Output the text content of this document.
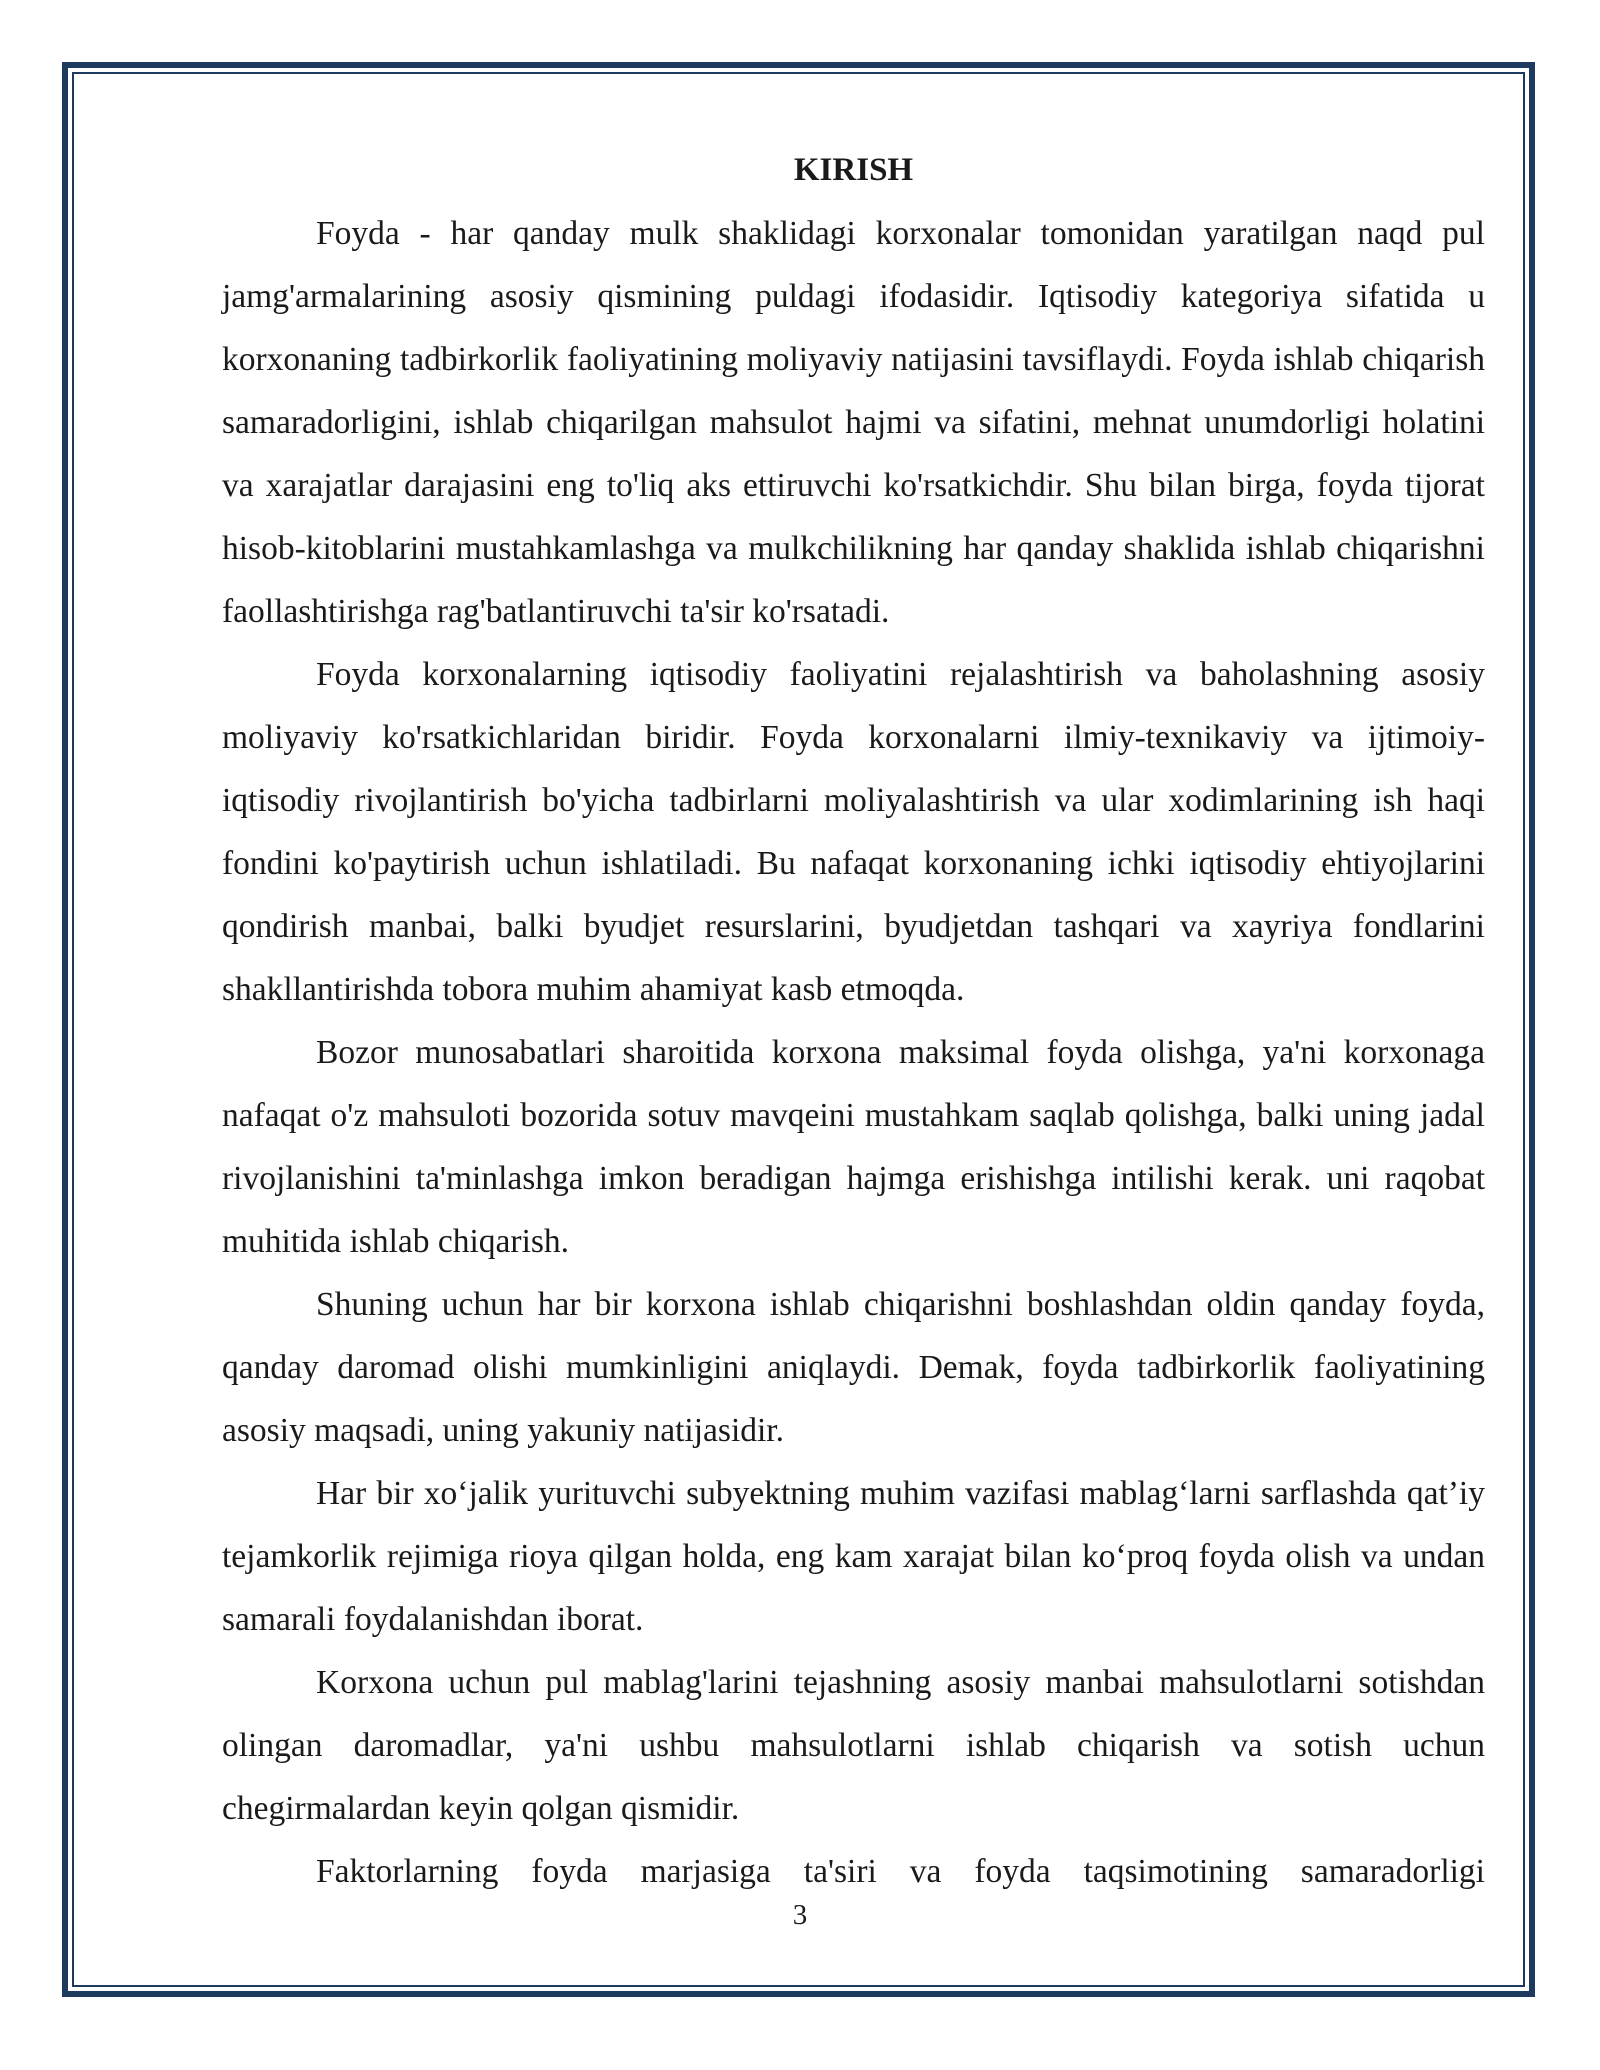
KIRISH

Foyda - har qanday mulk shaklidagi korxonalar tomonidan yaratilgan naqd pul jamg'armalarining asosiy qismining puldagi ifodasidir. Iqtisodiy kategoriya sifatida u korxonaning tadbirkorlik faoliyatining moliyaviy natijasini tavsiflaydi. Foyda ishlab chiqarish samaradorligini, ishlab chiqarilgan mahsulot hajmi va sifatini, mehnat unumdorligi holatini va xarajatlar darajasini eng to'liq aks ettiruvchi ko'rsatkichdir. Shu bilan birga, foyda tijorat hisob-kitoblarini mustahkamlashga va mulkchilikning har qanday shaklida ishlab chiqarishni faollashtirishga rag'batlantiruvchi ta'sir ko'rsatadi.

Foyda korxonalarning iqtisodiy faoliyatini rejalashtirish va baholashning asosiy moliyaviy ko'rsatkichlaridan biridir. Foyda korxonalarni ilmiy-texnikaviy va ijtimoiy-iqtisodiy rivojlantirish bo'yicha tadbirlarni moliyalashtirish va ular xodimlarining ish haqi fondini ko'paytirish uchun ishlatiladi. Bu nafaqat korxonaning ichki iqtisodiy ehtiyojlarini qondirish manbai, balki byudjet resurslarini, byudjetdan tashqari va xayriya fondlarini shakllantirishda tobora muhim ahamiyat kasb etmoqda.

Bozor munosabatlari sharoitida korxona maksimal foyda olishga, ya'ni korxonaga nafaqat o'z mahsuloti bozorida sotuv mavqeini mustahkam saqlab qolishga, balki uning jadal rivojlanishini ta'minlashga imkon beradigan hajmga erishishga intilishi kerak. uni raqobat muhitida ishlab chiqarish.

Shuning uchun har bir korxona ishlab chiqarishni boshlashdan oldin qanday foyda, qanday daromad olishi mumkinligini aniqlaydi. Demak, foyda tadbirkorlik faoliyatining asosiy maqsadi, uning yakuniy natijasidir.

Har bir xo‘jalik yurituvchi subyektning muhim vazifasi mablag‘larni sarflashda qat’iy tejamkorlik rejimiga rioya qilgan holda, eng kam xarajat bilan ko‘proq foyda olish va undan samarali foydalanishdan iborat.

Korxona uchun pul mablag'larini tejashning asosiy manbai mahsulotlarni sotishdan olingan daromadlar, ya'ni ushbu mahsulotlarni ishlab chiqarish va sotish uchun chegirmalardan keyin qolgan qismidir.

Faktorlarning foyda marjasiga ta'siri va foyda taqsimotining samaradorligi

3
